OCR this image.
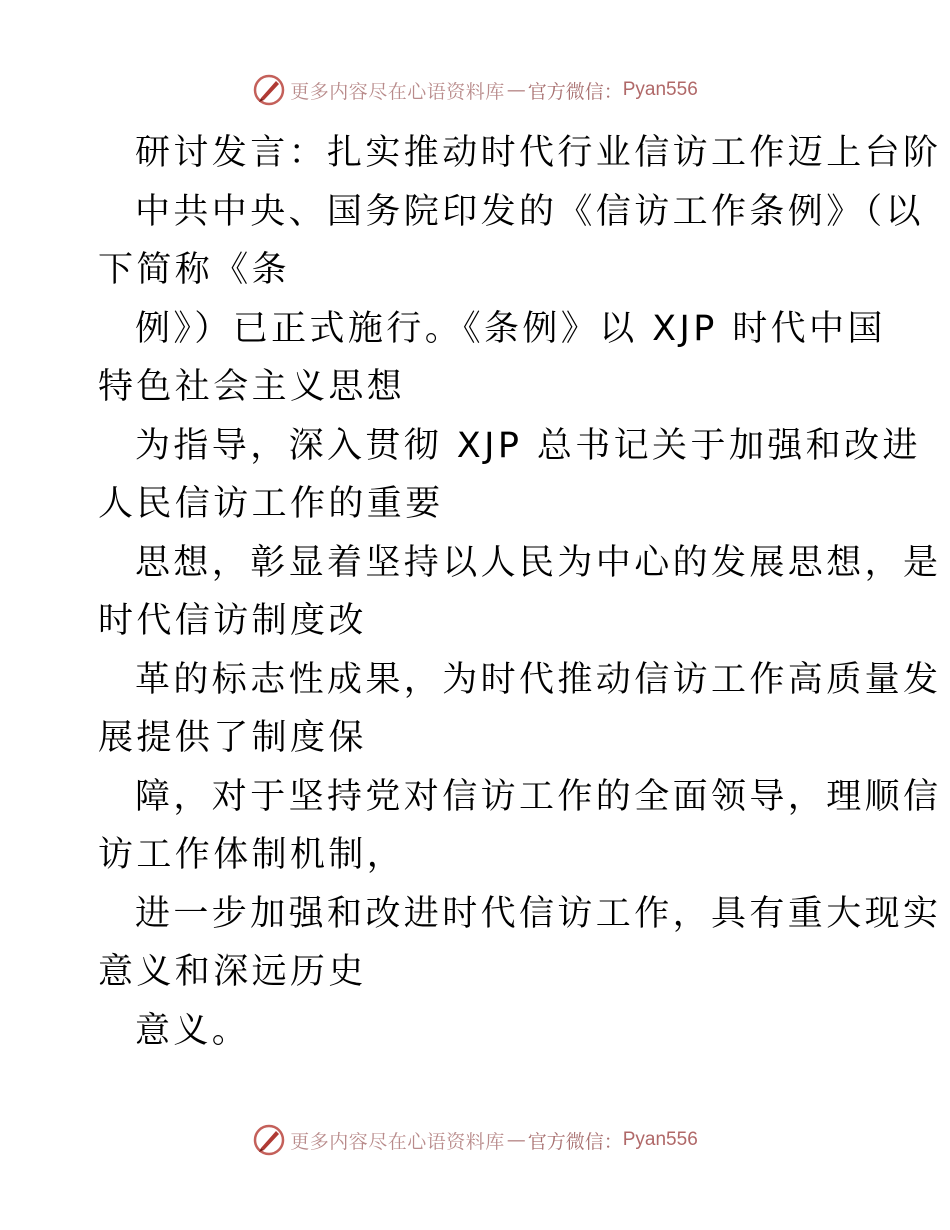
更多内容尽在心语资料库 — 官方微信： Pyan556
研讨发言：扎实推动时代行业信访工作迈上台阶
中共中央、国务院印发的《信访工作条例》（以
下简称《条
例》）已正式施行。《条例》以 XJP 时代中国
特色社会主义思想
为指导，深入贯彻 XJP 总书记关于加强和改进
人民信访工作的重要
思想，彰显着坚持以人民为中心的发展思想，是
时代信访制度改
革的标志性成果，为时代推动信访工作高质量发
展提供了制度保
障，对于坚持党对信访工作的全面领导，理顺信
访工作体制机制，
进一步加强和改进时代信访工作，具有重大现实
意义和深远历史
意义。
更多内容尽在心语资料库 — 官方微信： Pyan556
